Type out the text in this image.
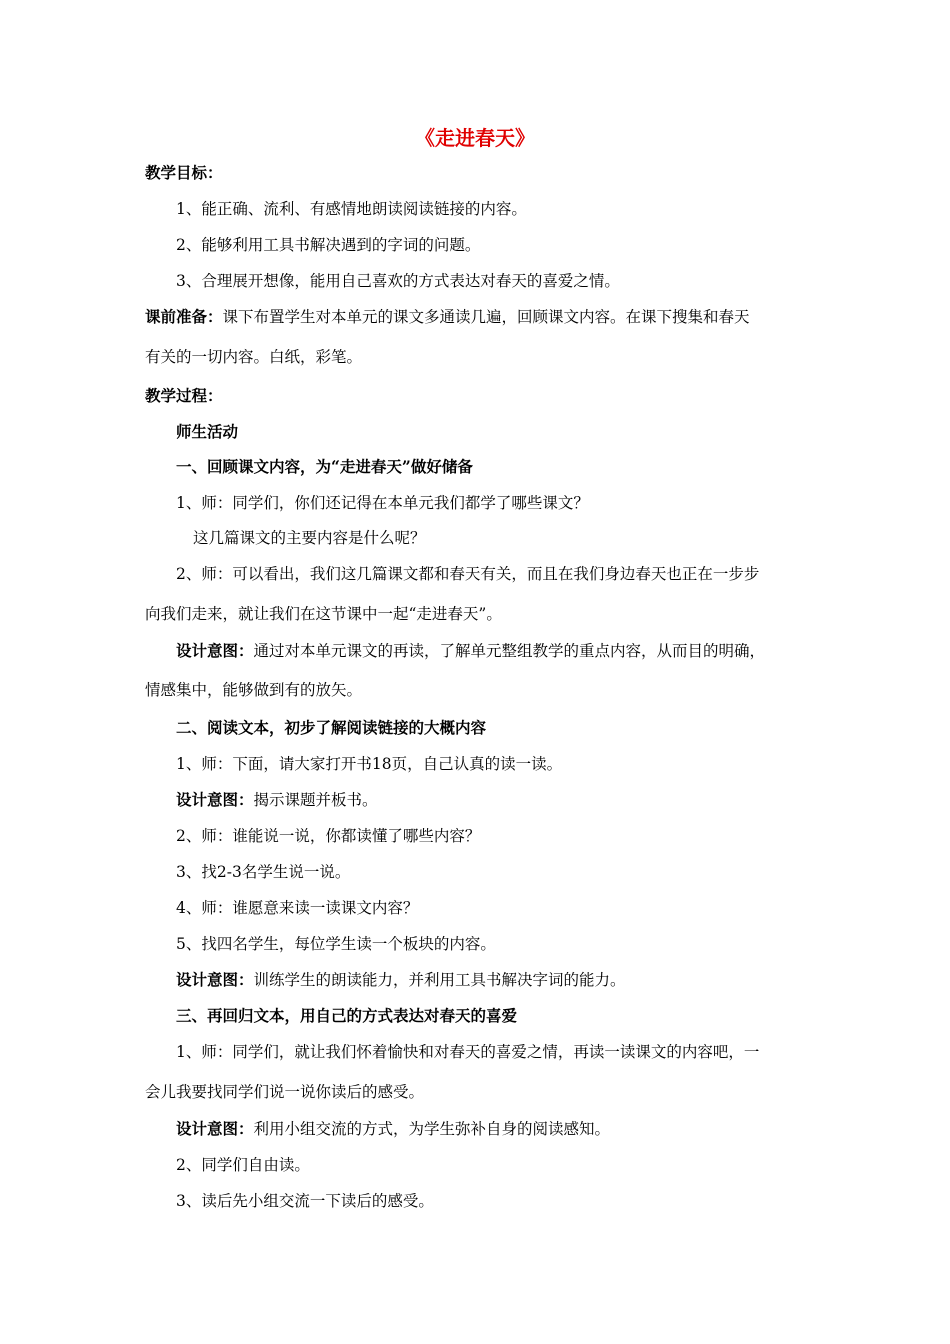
《走进春天》
教学目标：
1、能正确、流利、有感情地朗读阅读链接的内容。
2、能够利用工具书解决遇到的字词的问题。
3、合理展开想像，能用自己喜欢的方式表达对春天的喜爱之情。
课前准备：课下布置学生对本单元的课文多通读几遍，回顾课文内容。在课下搜集和春天
有关的一切内容。白纸，彩笔。
教学过程：
师生活动
一、回顾课文内容，为“走进春天”做好储备
1、师：同学们，你们还记得在本单元我们都学了哪些课文？
这几篇课文的主要内容是什么呢？
2、师：可以看出，我们这几篇课文都和春天有关，而且在我们身边春天也正在一步步
向我们走来，就让我们在这节课中一起“走进春天”。
设计意图：通过对本单元课文的再读，了解单元整组教学的重点内容，从而目的明确，
情感集中，能够做到有的放矢。
二、阅读文本，初步了解阅读链接的大概内容
1、师：下面，请大家打开书18页，自己认真的读一读。
设计意图：揭示课题并板书。
2、师：谁能说一说，你都读懂了哪些内容？
3、找2-3名学生说一说。
4、师：谁愿意来读一读课文内容？
5、找四名学生，每位学生读一个板块的内容。
设计意图：训练学生的朗读能力，并利用工具书解决字词的能力。
三、再回归文本，用自己的方式表达对春天的喜爱
1、师：同学们，就让我们怀着愉快和对春天的喜爱之情，再读一读课文的内容吧，一
会儿我要找同学们说一说你读后的感受。
设计意图：利用小组交流的方式，为学生弥补自身的阅读感知。
2、同学们自由读。
3、读后先小组交流一下读后的感受。
